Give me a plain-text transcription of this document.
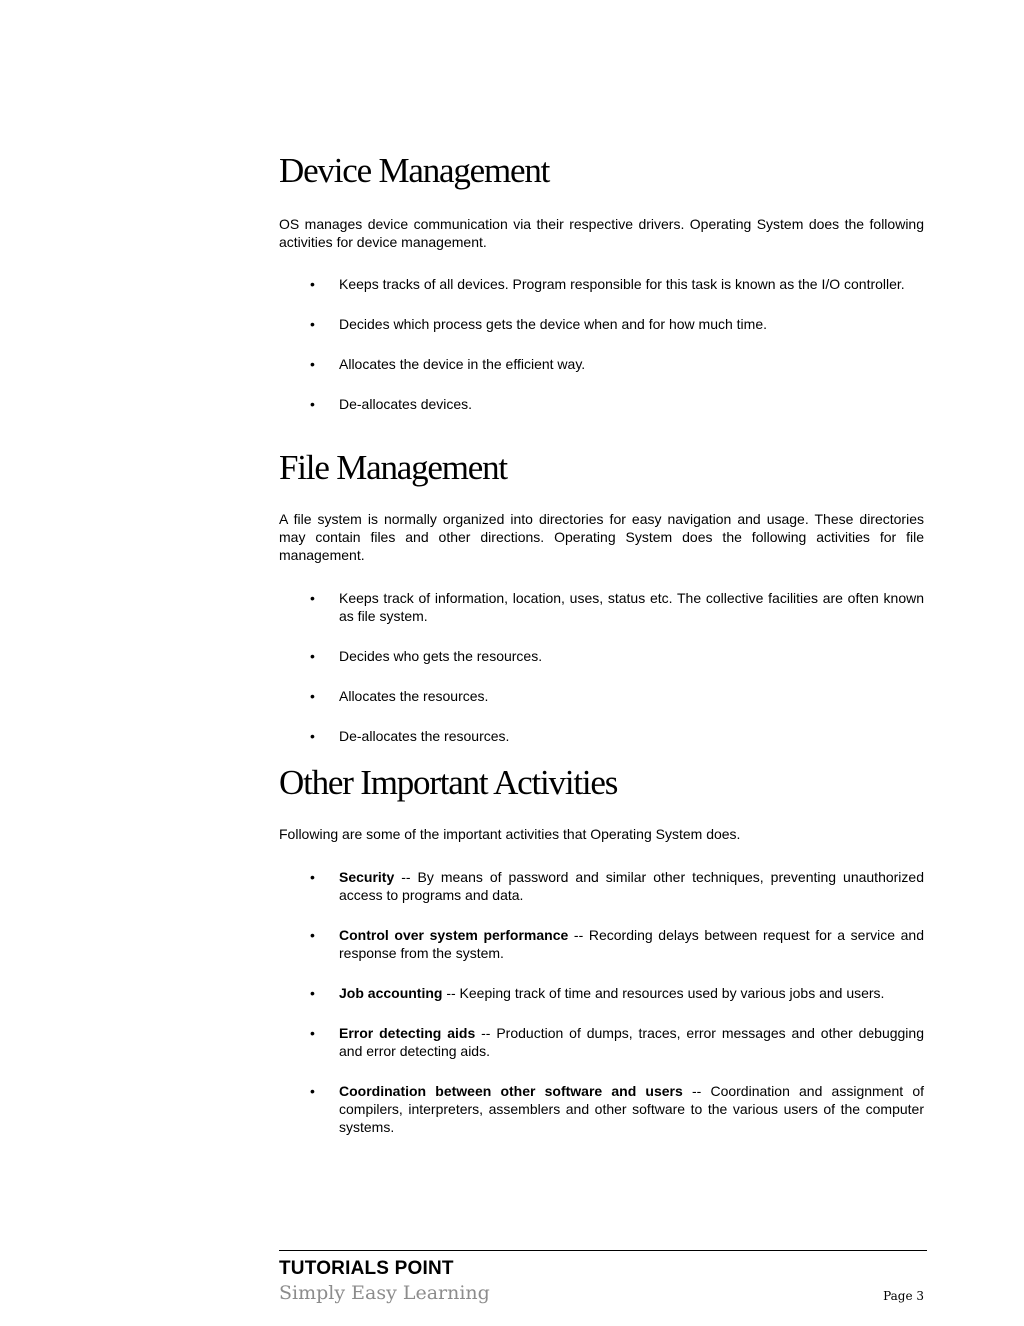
Device Management

OS manages device communication via their respective drivers. Operating System does the following activities for device management.

• Keeps tracks of all devices. Program responsible for this task is known as the I/O controller.
• Decides which process gets the device when and for how much time.
• Allocates the device in the efficient way.
• De-allocates devices.
File Management

A file system is normally organized into directories for easy navigation and usage. These directories may contain files and other directions. Operating System does the following activities for file management.

• Keeps track of information, location, uses, status etc. The collective facilities are often known as file system.
• Decides who gets the resources.
• Allocates the resources.
• De-allocates the resources.
Other Important Activities

Following are some of the important activities that Operating System does.

• Security -- By means of password and similar other techniques, preventing unauthorized access to programs and data.
• Control over system performance -- Recording delays between request for a service and response from the system.
• Job accounting -- Keeping track of time and resources used by various jobs and users.
• Error detecting aids -- Production of dumps, traces, error messages and other debugging and error detecting aids.
• Coordination between other software and users -- Coordination and assignment of compilers, interpreters, assemblers and other software to the various users of the computer systems.
TUTORIALS POINT
Simply Easy Learning	Page 3
